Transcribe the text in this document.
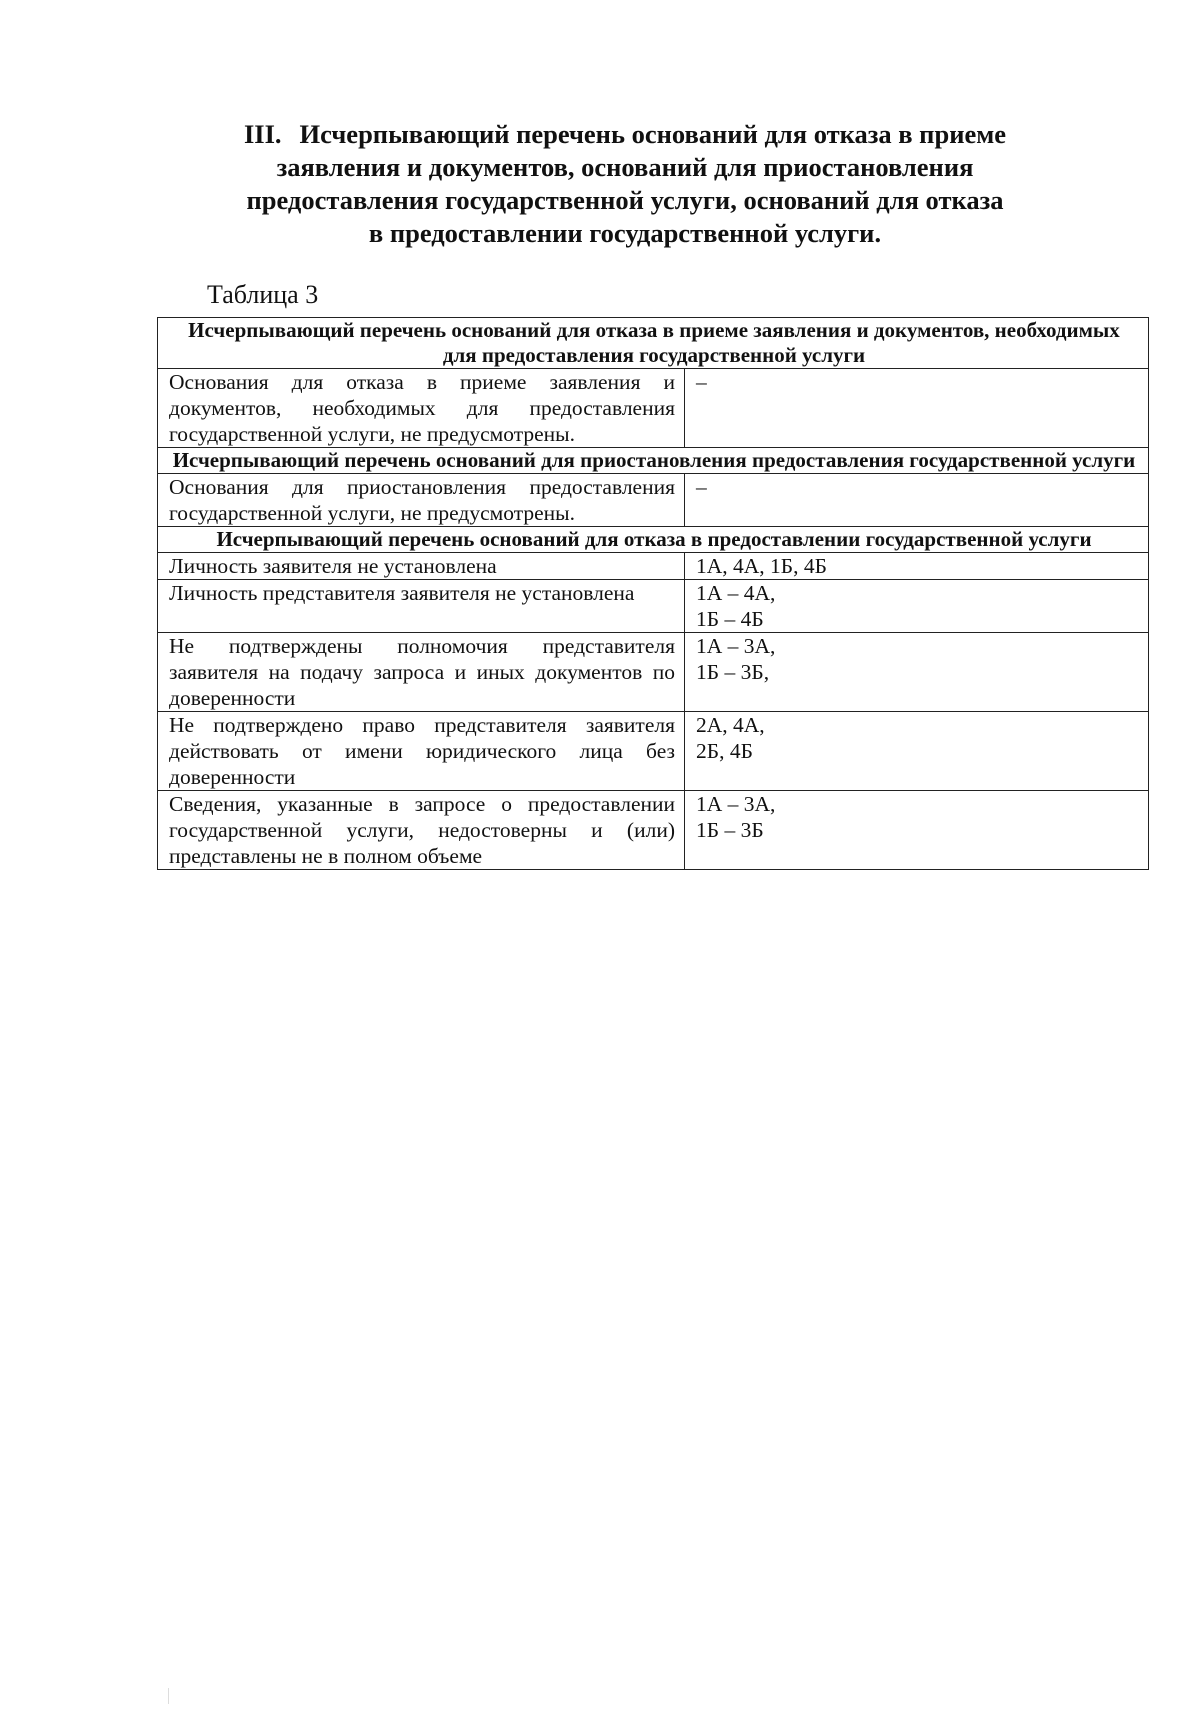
III. Исчерпывающий перечень оснований для отказа в приеме
заявления и документов, оснований для приостановления
предоставления государственной услуги, оснований для отказа
в предоставлении государственной услуги.
Таблица 3
Исчерпывающий перечень оснований для отказа в приеме заявления и документов, необходимых для предоставления государственной услуги	
Основания для отказа в приеме заявления и документов, необходимых для предоставления государственной услуги, не предусмотрены.	–

Исчерпывающий перечень оснований для приостановления предоставления государственной услуги	
Основания для приостановления предоставления государственной услуги, не предусмотрены.	–

Исчерпывающий перечень оснований для отказа в предоставлении государственной услуги	
Личность заявителя не установлена	1А, 4А, 1Б, 4Б

Личность представителя заявителя не установлена	1А – 4А,
1Б – 4Б

Не подтверждены полномочия представителя заявителя на подачу запроса и иных документов по доверенности	1А – 3А,
1Б – 3Б,

Не подтверждено право представителя заявителя действовать от имени юридического лица без доверенности	2А, 4А,
2Б, 4Б

Сведения, указанные в запросе о предоставлении государственной услуги, недостоверны и (или) представлены не в полном объеме	1А – 3А,
1Б – 3Б
